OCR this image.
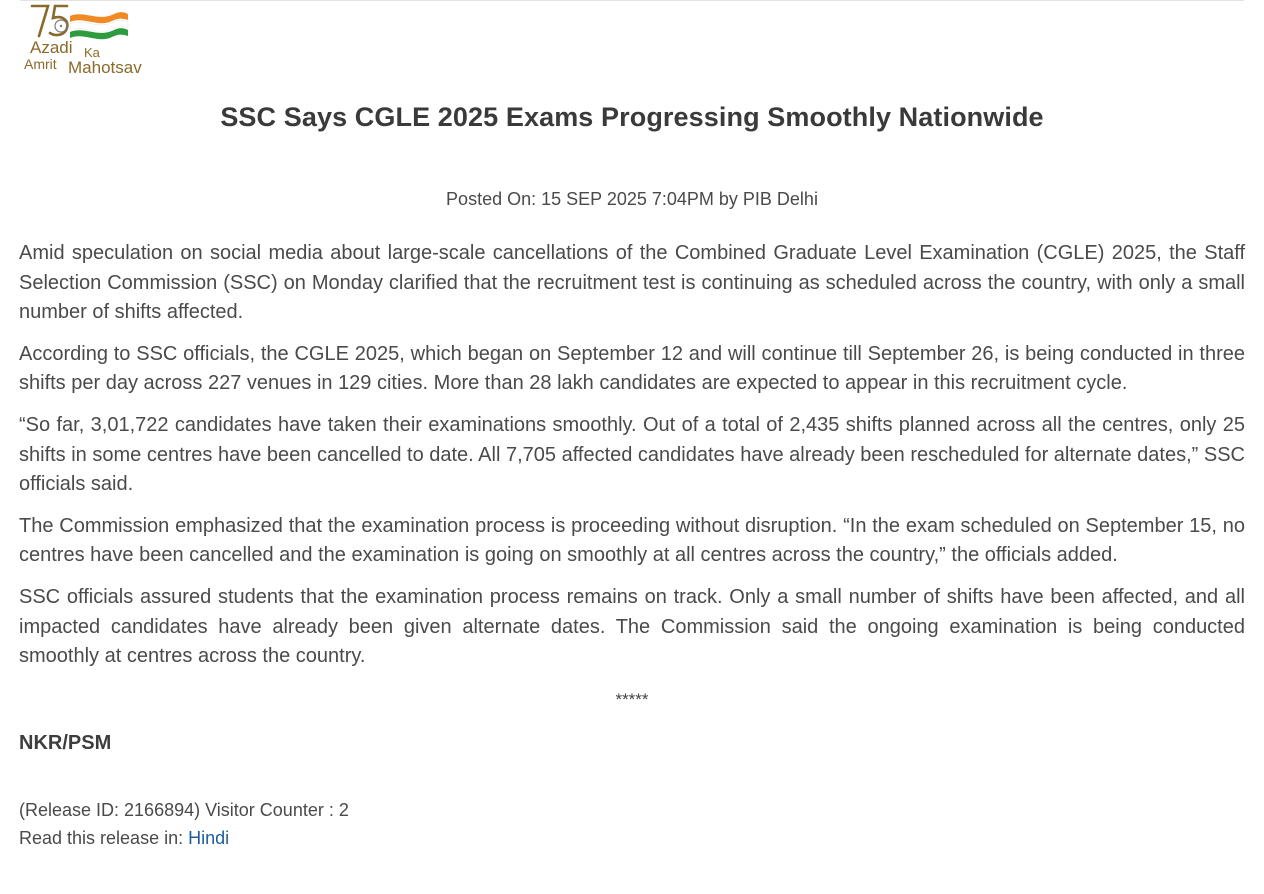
Azadi Ka
Amrit Mahotsav
SSC Says CGLE 2025 Exams Progressing Smoothly Nationwide
Posted On: 15 SEP 2025 7:04PM by PIB Delhi

Amid speculation on social media about large-scale cancellations of the Combined Graduate Level Examination (CGLE) 2025, the Staff Selection Commission (SSC) on Monday clarified that the recruitment test is continuing as scheduled across the country, with only a small number of shifts affected.

According to SSC officials, the CGLE 2025, which began on September 12 and will continue till September 26, is being conducted in three shifts per day across 227 venues in 129 cities. More than 28 lakh candidates are expected to appear in this recruitment cycle.

“So far, 3,01,722 candidates have taken their examinations smoothly. Out of a total of 2,435 shifts planned across all the centres, only 25 shifts in some centres have been cancelled to date. All 7,705 affected candidates have already been rescheduled for alternate dates,” SSC officials said.

The Commission emphasized that the examination process is proceeding without disruption. “In the exam scheduled on September 15, no centres have been cancelled and the examination is going on smoothly at all centres across the country,” the officials added.

SSC officials assured students that the examination process remains on track. Only a small number of shifts have been affected, and all impacted candidates have already been given alternate dates. The Commission said the ongoing examination is being conducted smoothly at centres across the country.

*****
NKR/PSM
(Release ID: 2166894) Visitor Counter : 2
Read this release in: Hindi
